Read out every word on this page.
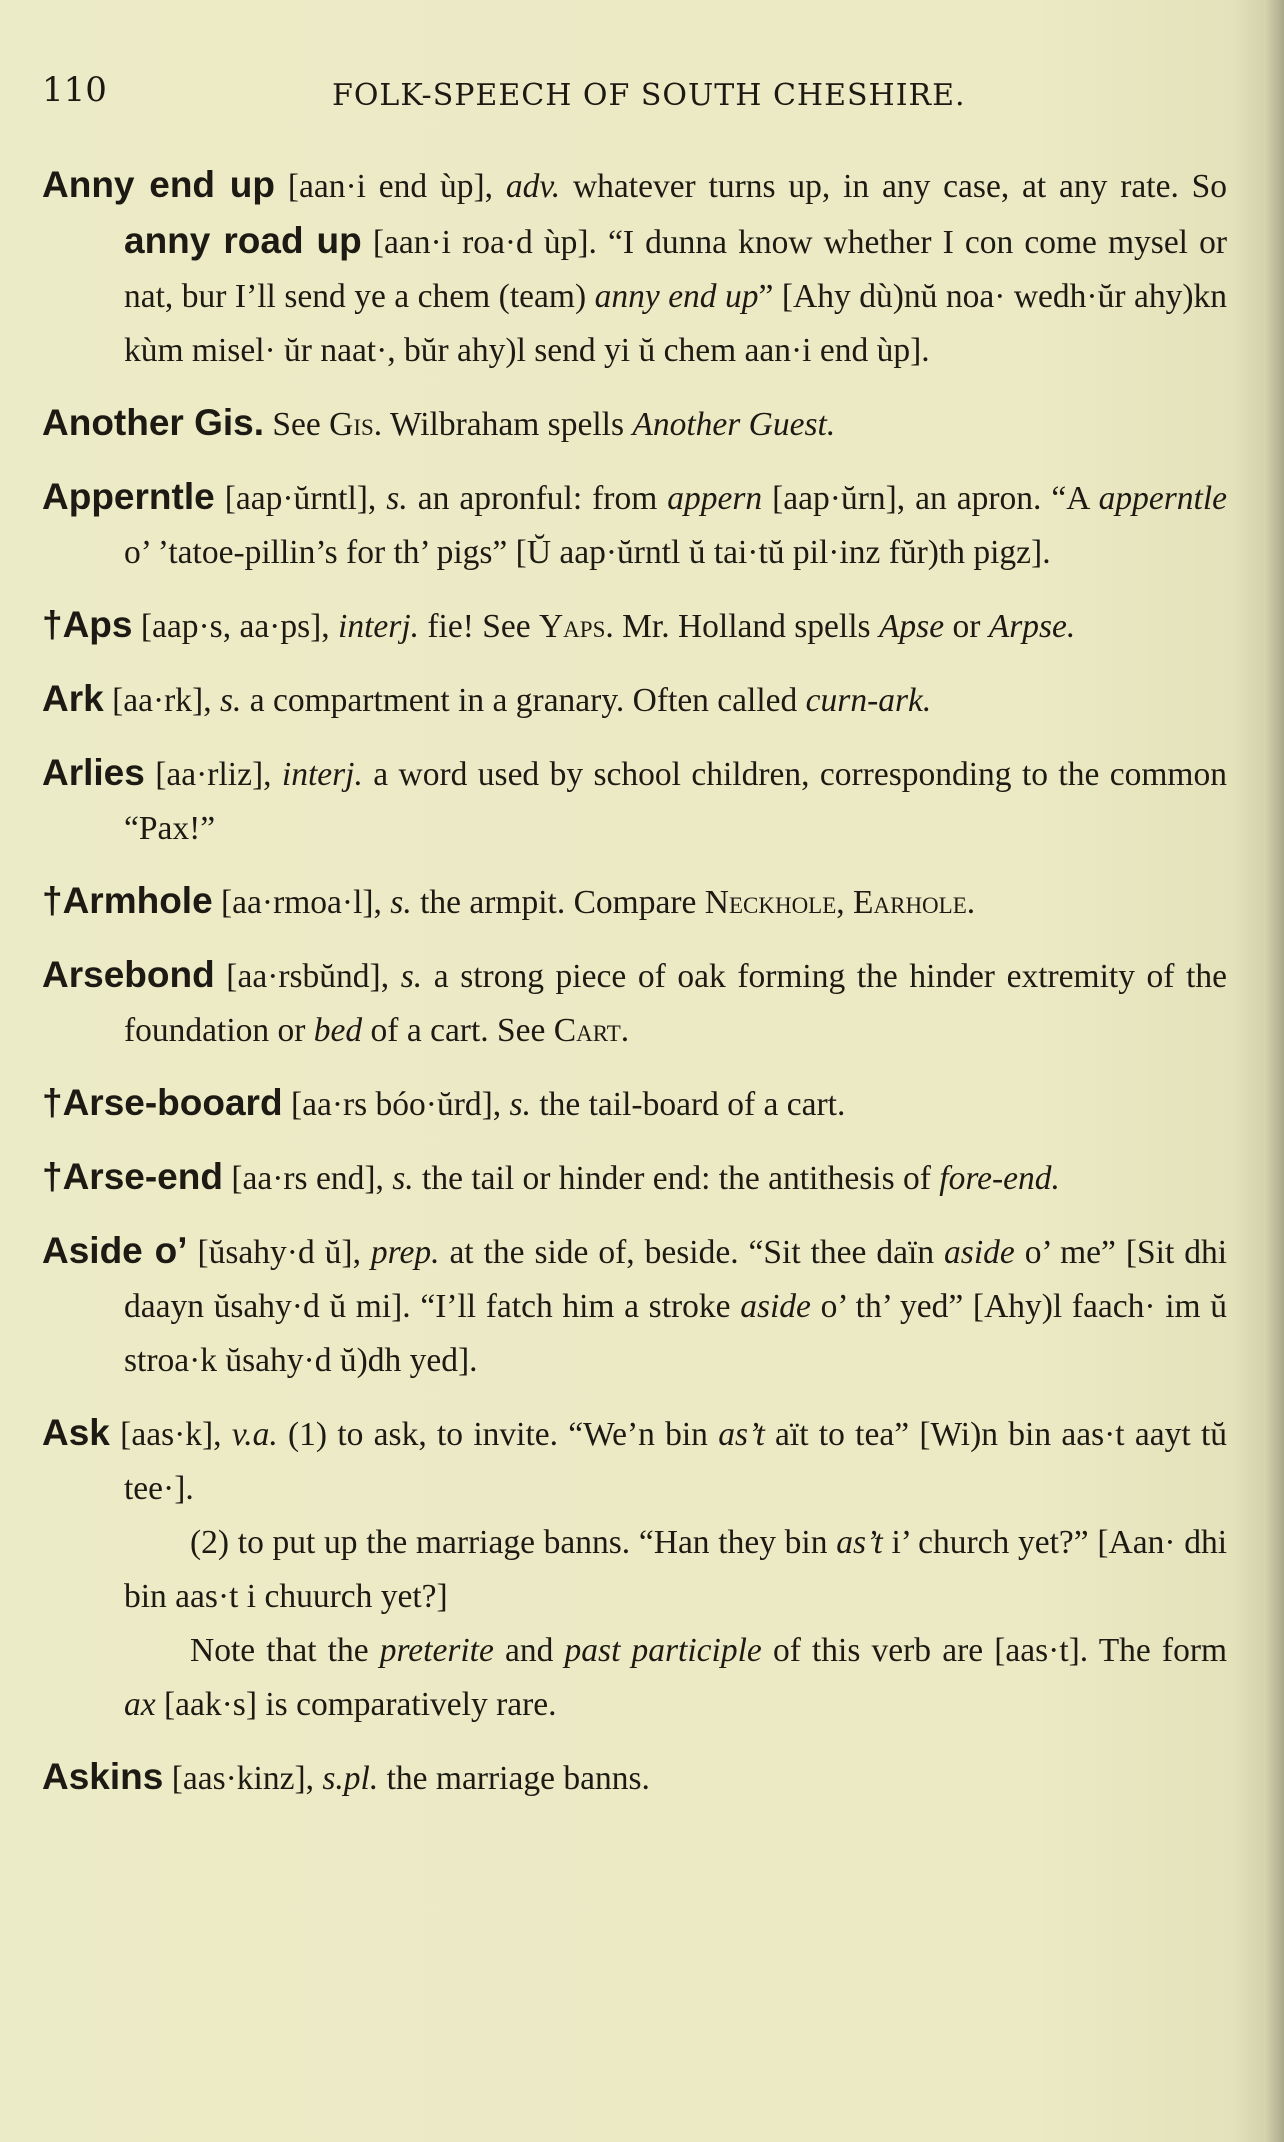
110	FOLK-SPEECH OF SOUTH CHESHIRE.
Anny end up [aan·i end ùp], adv. whatever turns up, in any case, at any rate. So anny road up [aan·i roa·d ùp]. “I dunna know whether I con come mysel or nat, bur I’ll send ye a chem (team) anny end up” [Ahy dù)nŭ noa· wedh·ŭr ahy)kn kùm misel· ŭr naat·, bŭr ahy)l send yi ŭ chem aan·i end ùp].
Another Gis. See Gis. Wilbraham spells Another Guest.
Apperntle [aap·ŭrntl], s. an apronful: from appern [aap·ŭrn], an apron. “A apperntle o’ ’tatoe-pillin’s for th’ pigs” [Ŭ aap·ŭrntl ŭ tai·tŭ pil·inz fŭr)th pigz].
†Aps [aap·s, aa·ps], interj. fie! See Yaps. Mr. Holland spells Apse or Arpse.
Ark [aa·rk], s. a compartment in a granary. Often called curn-ark.
Arlies [aa·rliz], interj. a word used by school children, corresponding to the common “Pax!”
†Armhole [aa·rmoa·l], s. the armpit. Compare Neckhole, Earhole.
Arsebond [aa·rsbŭnd], s. a strong piece of oak forming the hinder extremity of the foundation or bed of a cart. See Cart.
†Arse-booard [aa·rs bóo·ŭrd], s. the tail-board of a cart.
†Arse-end [aa·rs end], s. the tail or hinder end: the antithesis of fore-end.
Aside o’ [ŭsahy·d ŭ], prep. at the side of, beside. “Sit thee daïn aside o’ me” [Sit dhi daayn ŭsahy·d ŭ mi]. “I’ll fatch him a stroke aside o’ th’ yed” [Ahy)l faach· im ŭ stroa·k ŭsahy·d ŭ)dh yed].
Ask [aas·k], v.a. (1) to ask, to invite. “We’n bin as’t aït to tea” [Wi)n bin aas·t aayt tŭ tee·].
(2) to put up the marriage banns. “Han they bin as’t i’ church yet?” [Aan· dhi bin aas·t i chuurch yet?]
Note that the preterite and past participle of this verb are [aas·t]. The form ax [aak·s] is comparatively rare.
Askins [aas·kinz], s.pl. the marriage banns.
